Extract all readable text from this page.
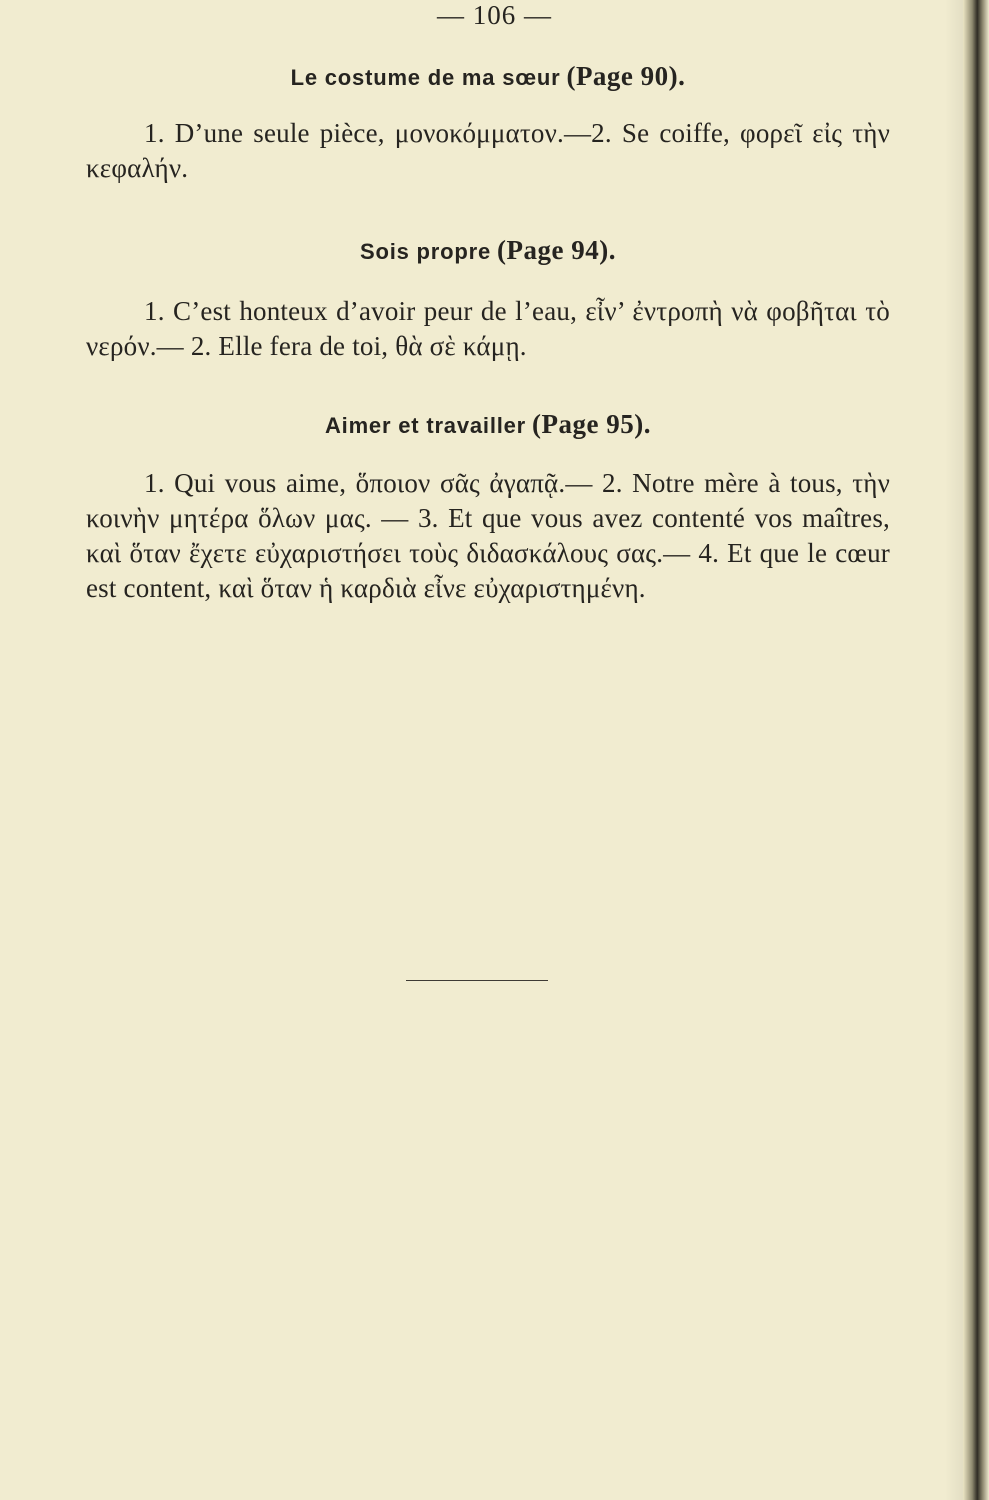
— 106 —
Le costume de ma sœur (Page 90).

1. D’une seule pièce, μονοκόμματον.—2. Se coiffe, φορεῖ εἰς τὴν κεφαλήν.

Sois propre (Page 94).

1. C’est honteux d’avoir peur de l’eau, εἶν’ ἐντροπὴ νὰ φοβῆται τὸ νερόν.— 2. Elle fera de toi, θὰ σὲ κάμῃ.

Aimer et travailler (Page 95).

1. Qui vous aime, ὅποιον σᾶς ἀγαπᾷ.— 2. Notre mère à tous, τὴν κοινὴν μητέρα ὅλων μας. — 3. Et que vous avez contenté vos maîtres, καὶ ὅταν ἔχετε εὐχαριστήσει τοὺς διδασκάλους σας.— 4. Et que le cœur est content, καὶ ὅταν ἡ καρδιὰ εἶνε εὐχαριστημένη.
